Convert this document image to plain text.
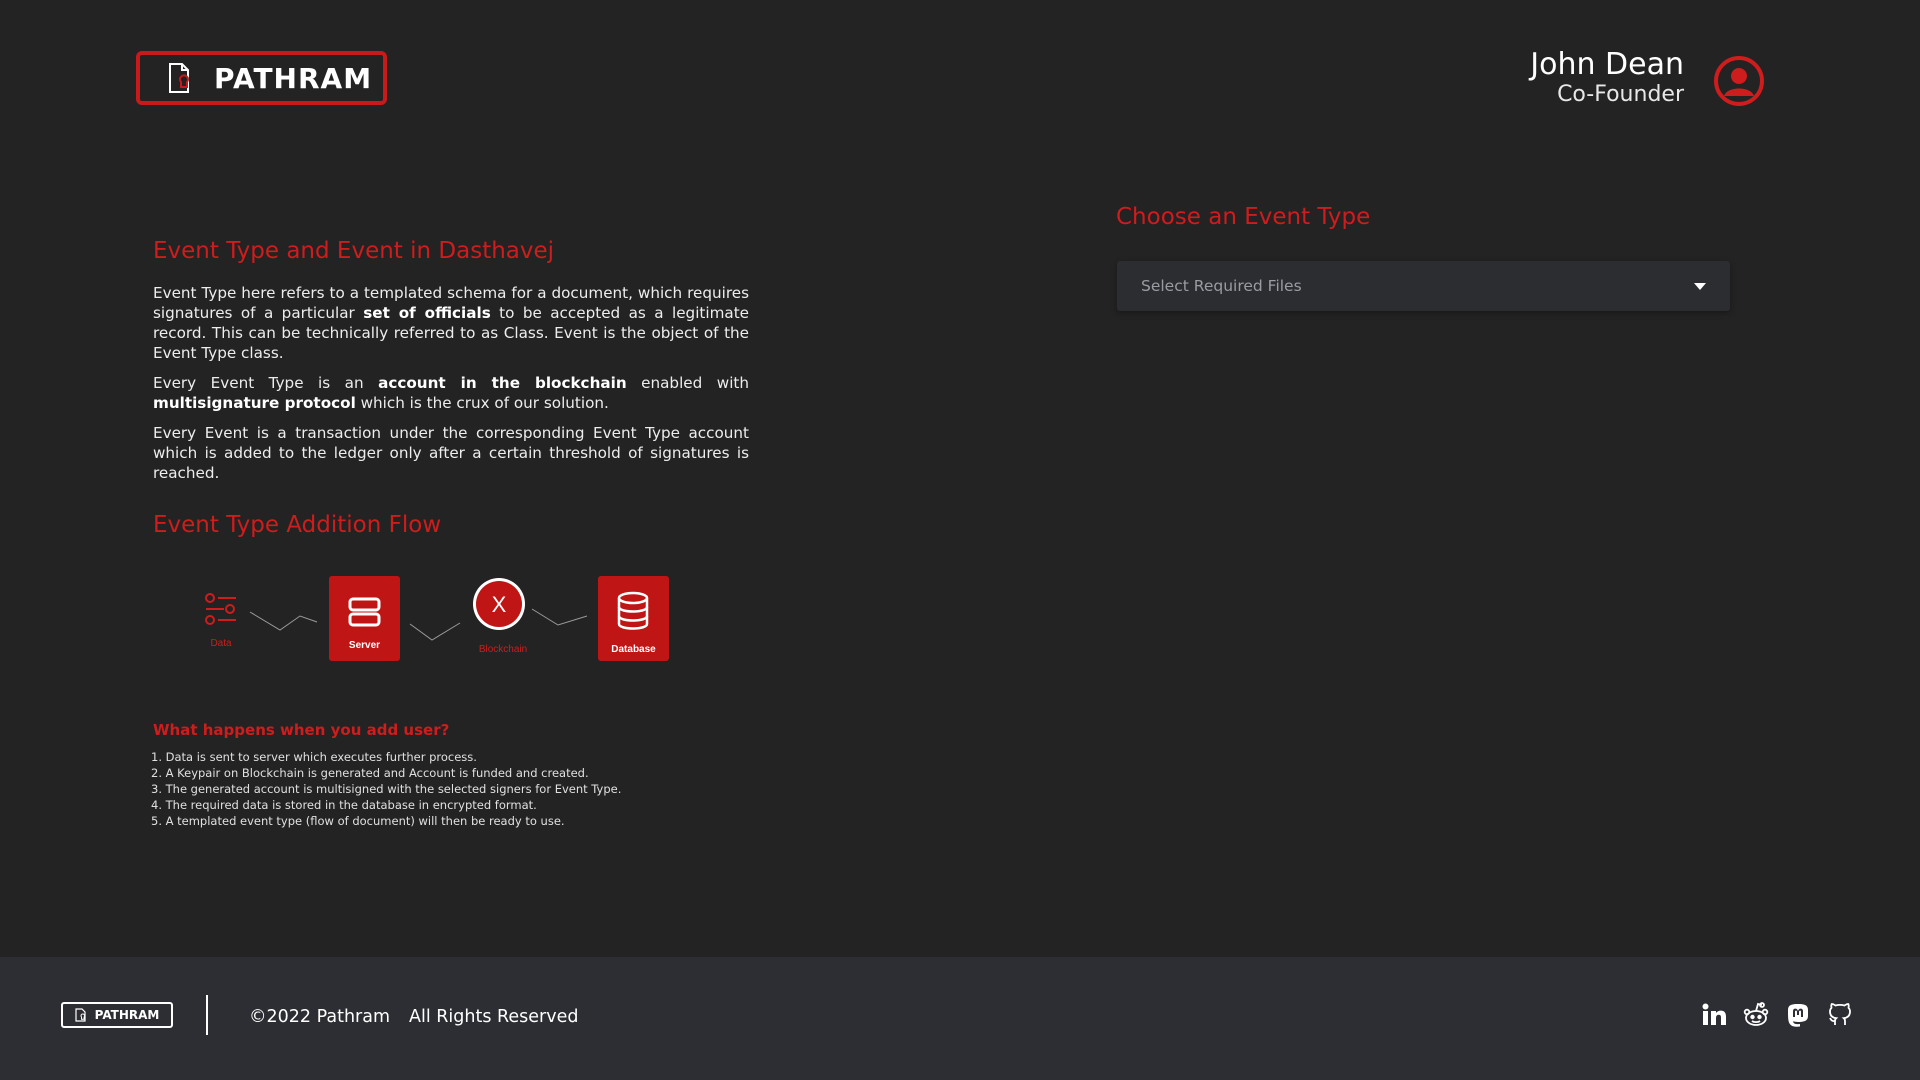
PATHRAM	John Dean
Co-Founder
Event Type and Event in Dasthavej

Event Type here refers to a templated schema for a document, which requires signatures of a particular set of officials to be accepted as a legitimate record. This can be technically referred to as Class. Event is the object of the Event Type class.

Every Event Type is an account in the blockchain enabled with multisignature protocol which is the crux of our solution.

Every Event is a transaction under the corresponding Event Type account which is added to the ledger only after a certain threshold of signatures is reached.

Event Type Addition Flow
Data	Server
X
Blockchain	Database
What happens when you add user?
1. Data is sent to server which executes further process.
2. A Keypair on Blockchain is generated and Account is funded and created.
3. The generated account is multisigned with the selected signers for Event Type.
4. The required data is stored in the database in encrypted format.
5. A templated event type (flow of document) will then be ready to use.
Choose an Event Type
Select Required Files
PATHRAM	©2022 Pathram All Rights Reserved
